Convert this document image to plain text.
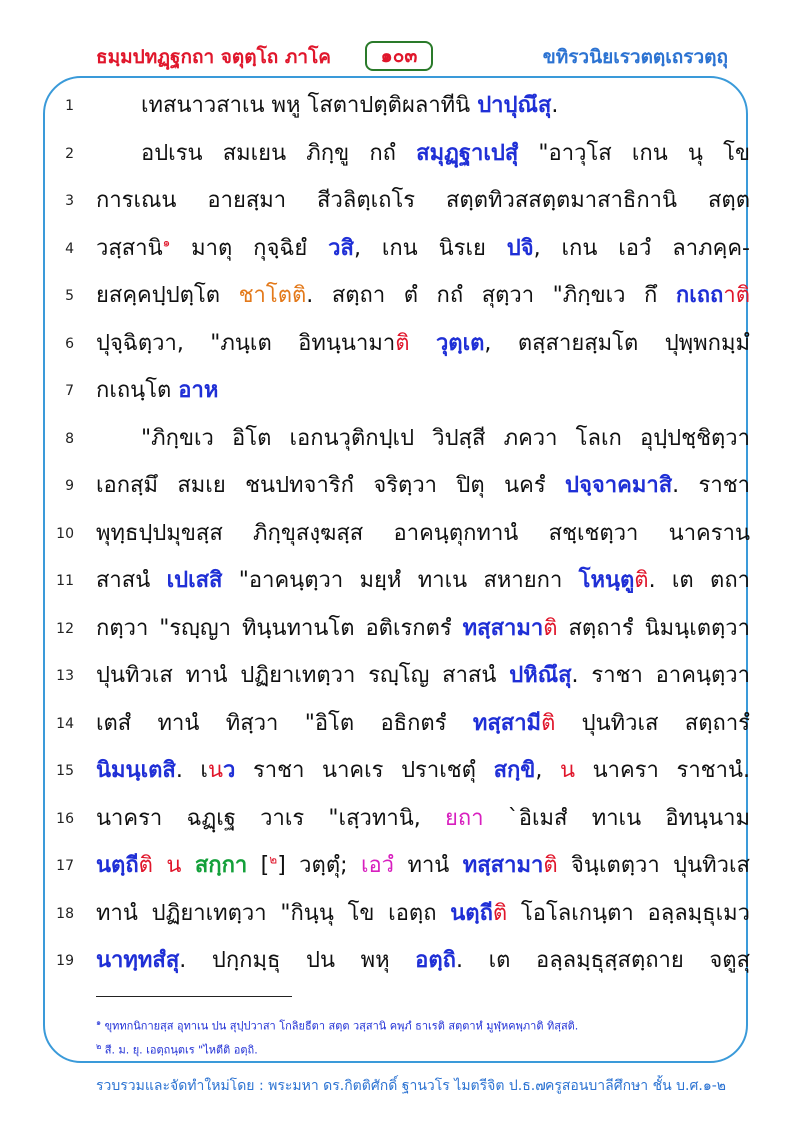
ธมฺมปทฏฺฐกถา จตุตฺโถ ภาโค	๑๐๓	ขทิรวนิยเรวตตฺเถรวตฺถุ
1	เทสนาวสาเน พหู โสตาปตฺติผลาทีนิ ปาปุณึสุ.
2	อปเรน สมเยน ภิกฺขู กถํ สมุฏฺฐาเปสุํ "อาวุโส เกน นุ โข
3 การเณน อายสฺมา สีวลิตฺเถโร สตฺตทิวสสตฺตมาสาธิกานิ สตฺต
4 วสฺสานิ$^๑$ มาตุ กุจฺฉิยํ วสิ, เกน นิรเย ปจิ, เกน เอวํ ลาภคฺค-
5 ยสคฺคปฺปตฺโต ชาโตติ. สตฺถา ตํ กถํ สุตฺวา "ภิกฺขเว กึ กเถถาติ
6 ปุจฺฉิตฺวา, "ภนฺเต อิทนฺนามาติ วุตฺเต, ตสฺสายสฺมโต ปุพฺพกมฺมํ
7 กเถนฺโต อาห
8	"ภิกฺขเว อิโต เอกนวุติกปฺเป วิปสฺสี ภควา โลเก อุปฺปชฺชิตฺวา
9 เอกสฺมึ สมเย ชนปทจาริกํ จริตฺวา ปิตุ นครํ ปจฺจาคมาสิ. ราชา
10 พุทฺธปฺปมุขสฺส ภิกฺขุสงฺฆสฺส อาคนฺตุกทานํ สชฺเชตฺวา นาคราน
11 สาสนํ เปเสสิ "อาคนฺตฺวา มยฺหํ ทาเน สหายกา โหนฺตูติ. เต ตถา
12 กตฺวา "รญฺญา ทินฺนทานโต อติเรกตรํ ทสฺสามาติ สตฺถารํ นิมนฺเตตฺวา
13 ปุนทิวเส ทานํ ปฏิยาเทตฺวา รญฺโญ สาสนํ ปหิณึสุ. ราชา อาคนฺตฺวา
14 เตสํ ทานํ ทิสฺวา "อิโต อธิกตรํ ทสฺสามีติ ปุนทิวเส สตฺถารํ
15 นิมนฺเตสิ. เนว ราชา นาคเร ปราเชตุํ สกฺขิ, น นาครา ราชานํ.
16 นาครา ฉฏฺเฐ วาเร "เสฺวทานิ, ยถา `อิเมสํ ทาเน อิทนฺนาม
17 นตฺถีติ น สกฺกา [$^๒$] วตฺตุํ; เอวํ ทานํ ทสฺสามาติ จินฺเตตฺวา ปุนทิวเส
18 ทานํ ปฏิยาเทตฺวา "กินฺนุ โข เอตฺถ นตฺถีติ โอโลเกนฺตา อลฺลมฺธุเมว
19 นาทฺทสํสุ. ปกฺกมฺธุ ปน พหุ อตฺถิ. เต อลฺลมฺธุสฺสตฺถาย จตูสุ
$^๑$ ขุททกนิกายสฺส อุทาเน ปน สุปฺปวาสา โกลิยธีตา สตฺต วสฺสานิ คพฺภํ ธาเรติ สตฺตาหํ มูฬฺหคพฺภาติ ทิสฺสติ.
$^๒$ สี. ม. ยุ. เอตฺถนฺตเร "ไหตีติ อตฺถิ.
รวบรวมและจัดทำใหม่โดย : พระมหา ดร.กิตติศักดิ์ ฐานวโร ไมตรีจิต ป.ธ.๗ ครูสอนบาลีศึกษา ชั้น บ.ศ.๑-๒
